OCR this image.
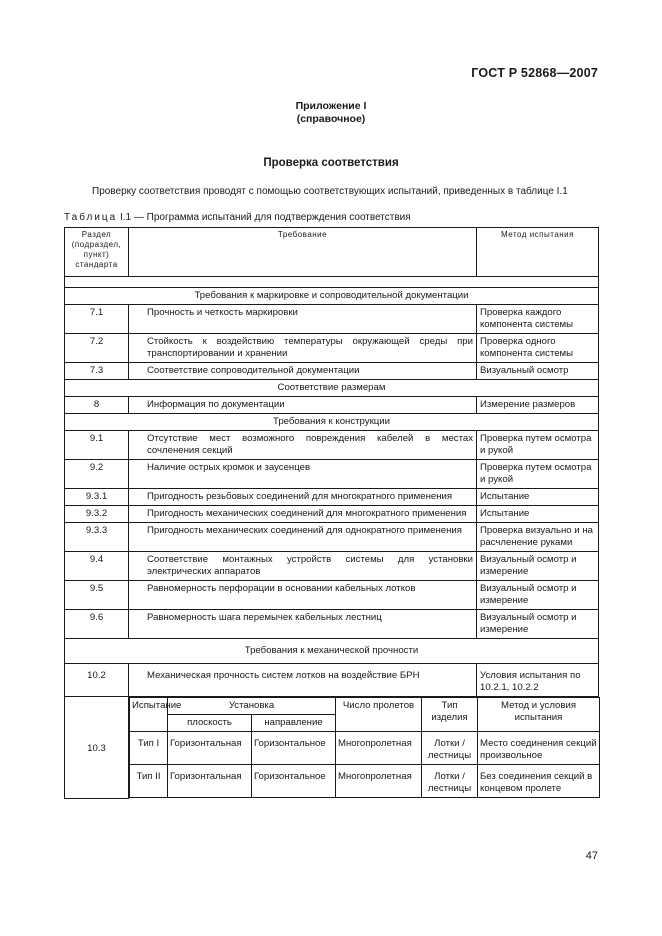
ГОСТ Р 52868—2007
Приложение I
(справочное)
Проверка соответствия
Проверку соответствия проводят с помощью соответствующих испытаний, приведенных в таблице I.1
Таблица I.1 — Программа испытаний для подтверждения соответствия
Раздел (подраздел, пункт) стандарта	Требование	Метод испытания

Требования к маркировке и сопроводительной документации
7.1	Прочность и четкость маркировки	Проверка каждого компонента системы
7.2	Стойкость к воздействию температуры окружающей среды при транспортировании и хранении	Проверка одного компонента системы
7.3	Соответствие сопроводительной документации	Визуальный осмотр
Соответствие размерам
8	Информация по документации	Измерение размеров
Требования к конструкции
9.1	Отсутствие мест возможного повреждения кабелей в местах сочленения секций	Проверка путем осмотра и рукой
9.2	Наличие острых кромок и заусенцев	Проверка путем осмотра и рукой
9.3.1	Пригодность резьбовых соединений для многократного применения	Испытание
9.3.2	Пригодность механических соединений для многократного применения	Испытание
9.3.3	Пригодность механических соединений для однократного применения	Проверка визуально и на расчленение руками
9.4	Соответствие монтажных устройств системы для установки электрических аппаратов	Визуальный осмотр и измерение
9.5	Равномерность перфорации в основании кабельных лотков	Визуальный осмотр и измерение
9.6	Равномерность шага перемычек кабельных лестниц	Визуальный осмотр и измерение
Требования к механической прочности
10.2	Механическая прочность систем лотков на воздействие БРН	Условия испытания по 10.2.1, 10.2.2

10.3

Испытание	Установка	Число пролетов	Тип изделия	Метод и условия испытания
плоскость	направление
Тип I	Горизонтальная	Горизонтальное	Многопролетная	Лотки / лестницы	Место соединения секций произвольное
Тип II	Горизонтальная	Горизонтальное	Многопролетная	Лотки / лестницы	Без соединения секций в концевом пролете
47
